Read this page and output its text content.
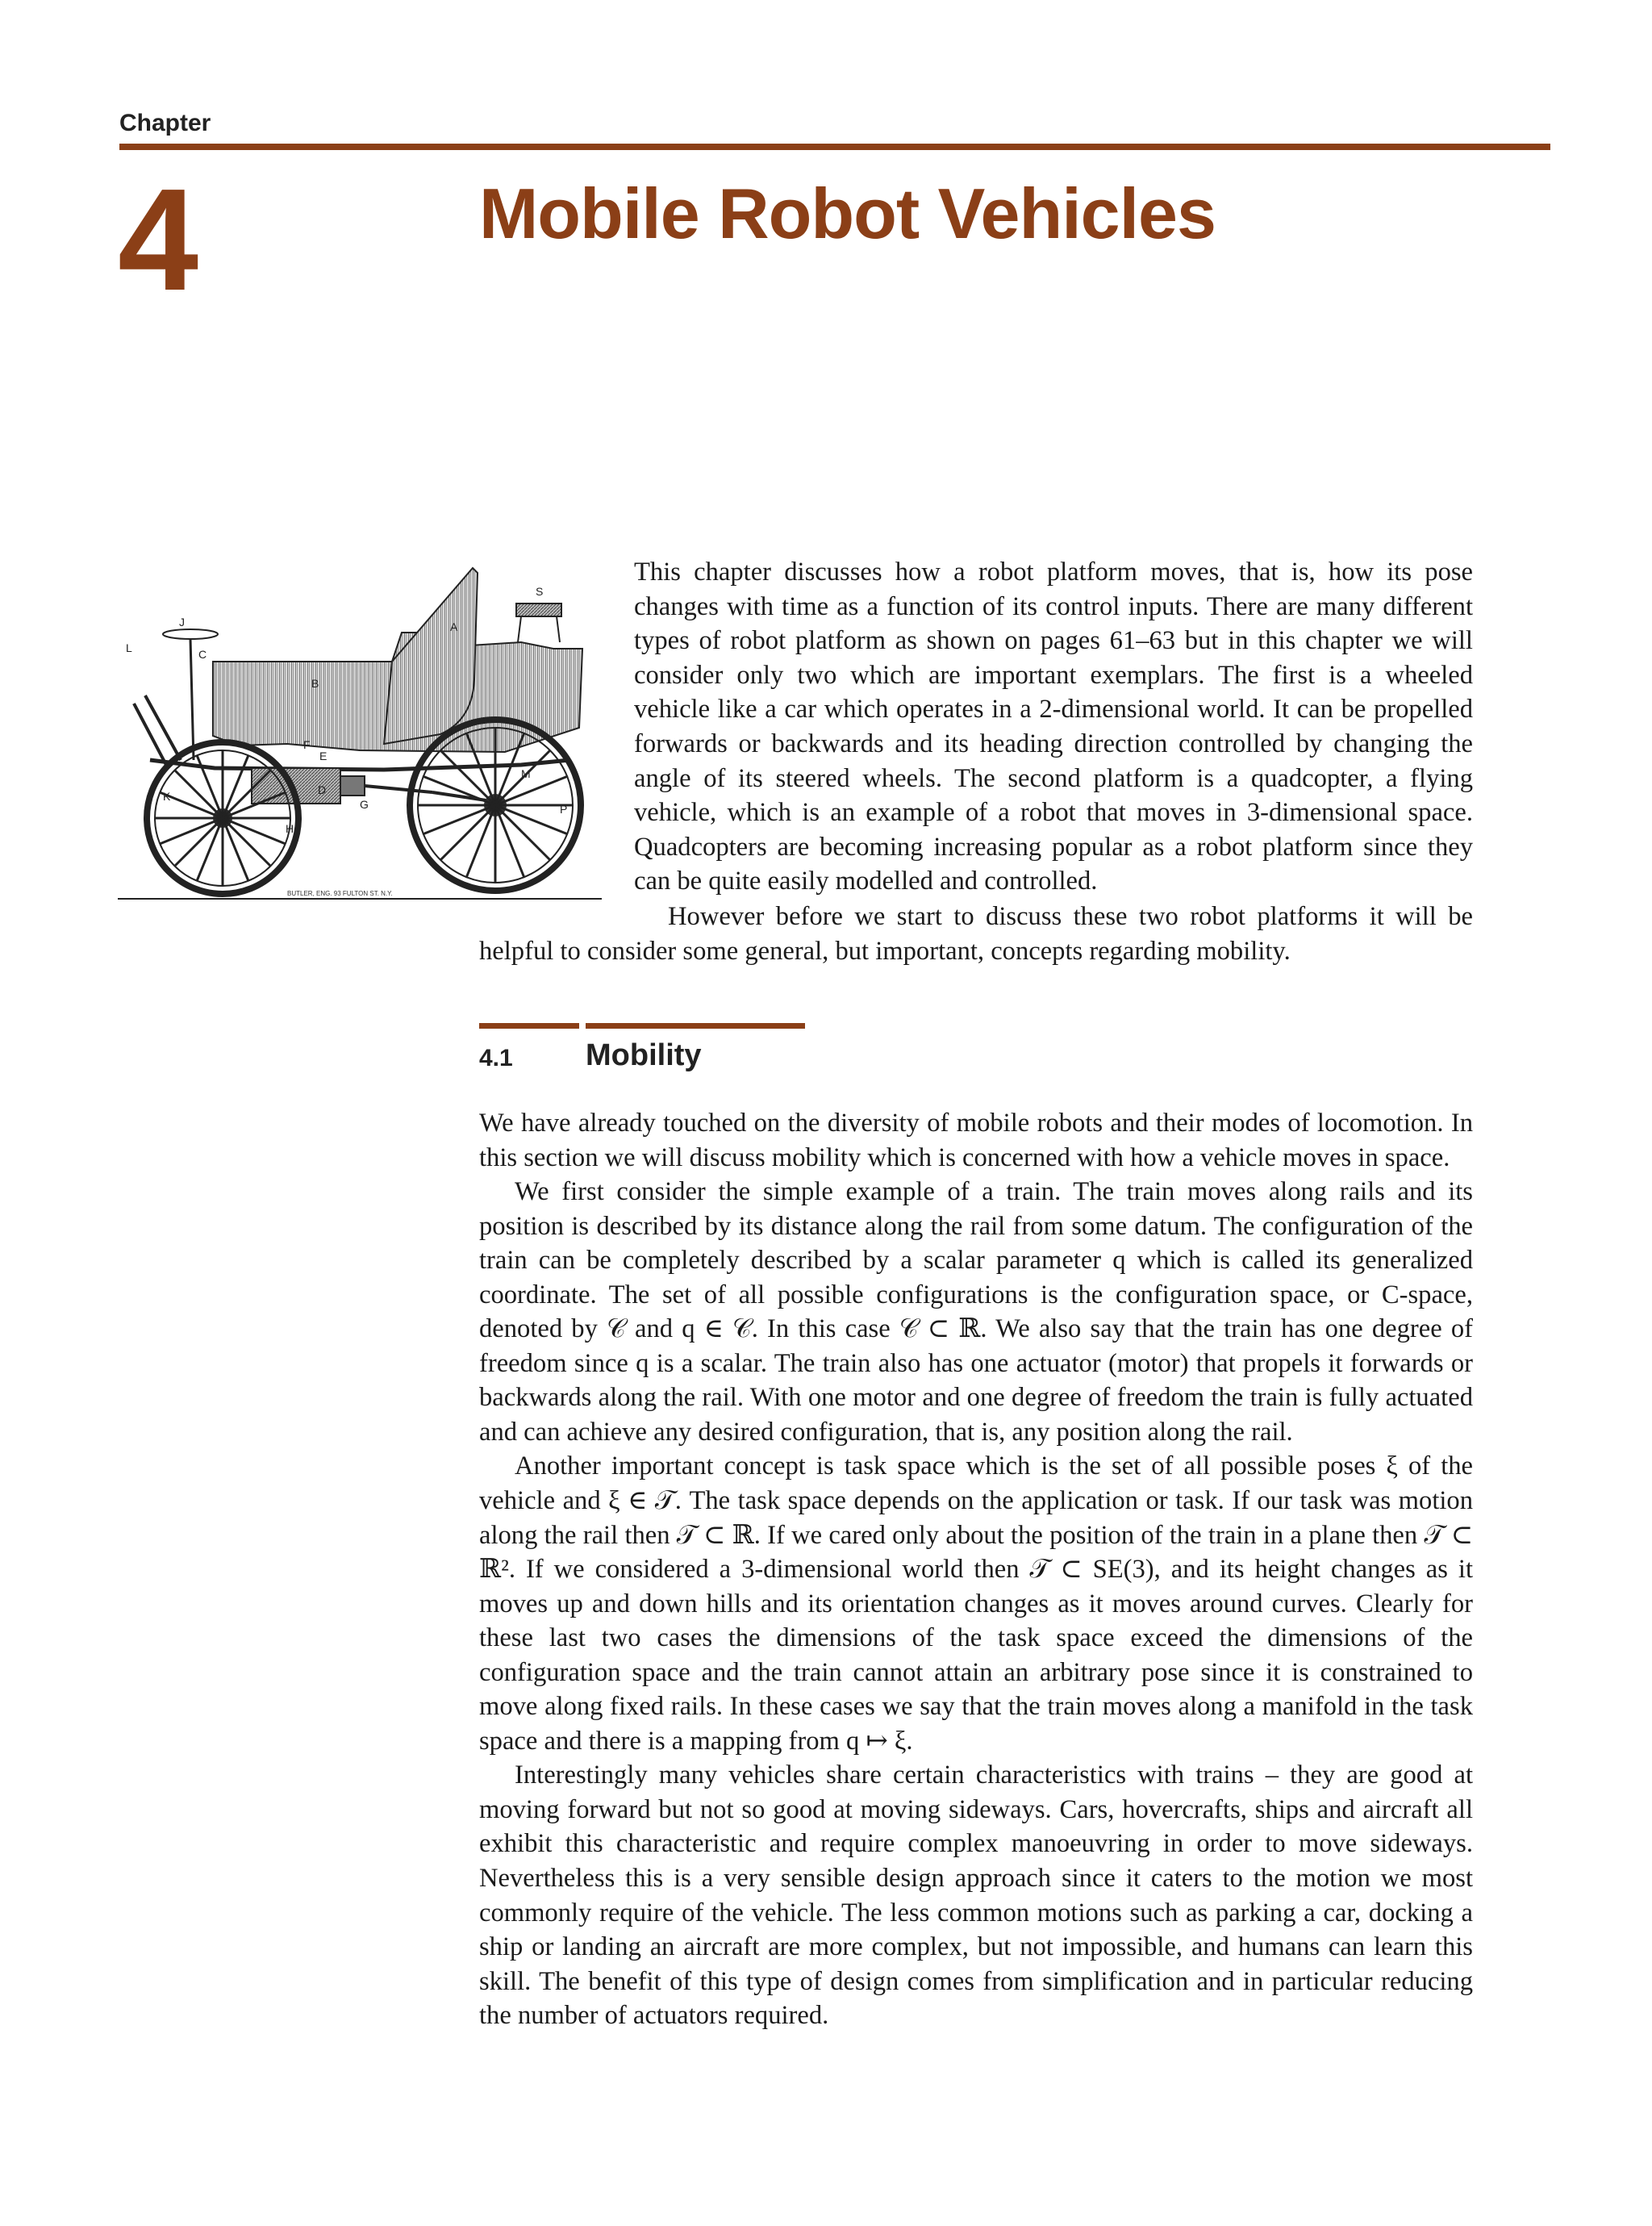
Chapter
4	Mobile Robot Vehicles
S
A
J
L	C
B
E
F
D
M
G
K
H
P
BUTLER, ENG. 93 FULTON ST. N.Y.

This chapter discusses how a robot platform moves, that is, how its pose changes with time as a function of its control inputs. There are many different types of robot platform as shown on pages 61–63 but in this chapter we will consider only two which are important exemplars. The first is a wheeled vehicle like a car which operates in a 2-dimensional world. It can be propelled forwards or backwards and its heading direction controlled by changing the angle of its steered wheels. The second platform is a quadcopter, a flying vehicle, which is an example of a robot that moves in 3-dimensional space. Quadcopters are becoming increasing popular as a robot platform since they can be quite easily modelled and controlled.

However before we start to discuss these two robot platforms it will be helpful to consider some general, but important, concepts regarding mobility.

4.1 Mobility

We have already touched on the diversity of mobile robots and their modes of locomotion. In this section we will discuss mobility which is concerned with how a vehicle moves in space.

We first consider the simple example of a train. The train moves along rails and its position is described by its distance along the rail from some datum. The configuration of the train can be completely described by a scalar parameter q which is called its generalized coordinate. The set of all possible configurations is the configuration space, or C-space, denoted by 𝒞 and q ∈ 𝒞. In this case 𝒞 ⊂ ℝ. We also say that the train has one degree of freedom since q is a scalar. The train also has one actuator (motor) that propels it forwards or backwards along the rail. With one motor and one degree of freedom the train is fully actuated and can achieve any desired configuration, that is, any position along the rail.

Another important concept is task space which is the set of all possible poses ξ of the vehicle and ξ ∈ 𝒯. The task space depends on the application or task. If our task was motion along the rail then 𝒯 ⊂ ℝ. If we cared only about the position of the train in a plane then 𝒯 ⊂ ℝ². If we considered a 3-dimensional world then 𝒯 ⊂ SE(3), and its height changes as it moves up and down hills and its orientation changes as it moves around curves. Clearly for these last two cases the dimensions of the task space exceed the dimensions of the configuration space and the train cannot attain an arbitrary pose since it is constrained to move along fixed rails. In these cases we say that the train moves along a manifold in the task space and there is a mapping from q ↦ ξ.

Interestingly many vehicles share certain characteristics with trains – they are good at moving forward but not so good at moving sideways. Cars, hovercrafts, ships and aircraft all exhibit this characteristic and require complex manoeuvring in order to move sideways. Nevertheless this is a very sensible design approach since it caters to the motion we most commonly require of the vehicle. The less common motions such as parking a car, docking a ship or landing an aircraft are more complex, but not impossible, and humans can learn this skill. The benefit of this type of design comes from simplification and in particular reducing the number of actuators required.
